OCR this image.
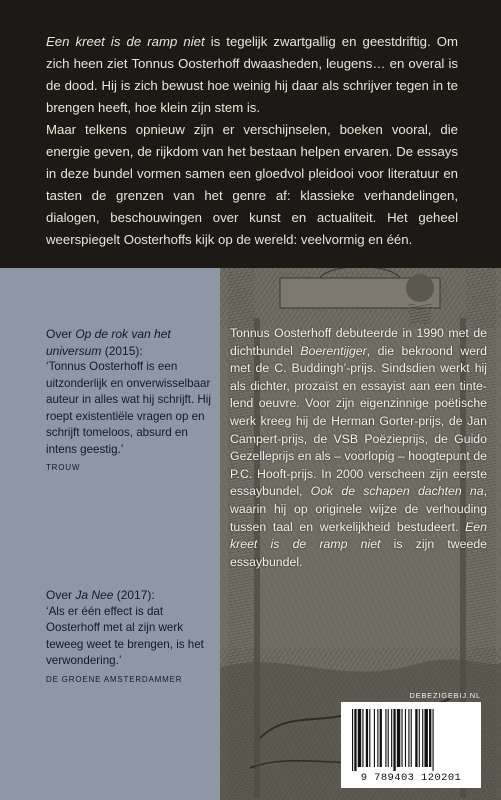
Een kreet is de ramp niet is tegelijk zwartgallig en geestdriftig. Om zich heen ziet Tonnus Oosterhoff dwaasheden, leugens… en overal is de dood. Hij is zich bewust hoe weinig hij daar als schrijver tegen in te brengen heeft, hoe klein zijn stem is.
Maar telkens opnieuw zijn er verschijnselen, boeken vooral, die energie geven, de rijkdom van het bestaan helpen ervaren. De essays in deze bundel vormen samen een gloedvol pleidooi voor literatuur en tasten de grenzen van het genre af: klassieke verhandelingen, dialogen, beschouwingen over kunst en actualiteit. Het geheel weerspiegelt Oosterhoffs kijk op de wereld: veelvormig en één.
Over Op de rok van het universum (2015):
‘Tonnus Oosterhoff is een uitzonderlijk en onverwisselbaar auteur in alles wat hij schrijft. Hij roept existentiële vragen op en schrijft tomeloos, absurd en intens geestig.’
TROUW
Over Ja Nee (2017):
‘Als er één effect is dat Oosterhoff met al zijn werk teweeg weet te brengen, is het verwondering.’
DE GROENE AMSTERDAMMER
Tonnus Oosterhoff debuteerde in 1990 met de dichtbundel Boerentijger, die bekroond werd met de C. Buddingh’-prijs. Sindsdien werkt hij als dichter, prozaïst en essayist aan een tintelend oeuvre. Voor zijn eigenzinnige poëtische werk kreeg hij de Herman Gorter-prijs, de Jan Campert-prijs, de VSB Poëzieprijs, de Guido Gezelleprijs en als – voorlopig – hoogtepunt de P.C. Hooft-prijs. In 2000 verscheen zijn eerste essaybundel, Ook de schapen dachten na, waarin hij op originele wijze de verhouding tussen taal en werkelijkheid bestudeert. Een kreet is de ramp niet is zijn tweede essaybundel.
DEBEZIGEBIJ.NL
9 789403 120201
